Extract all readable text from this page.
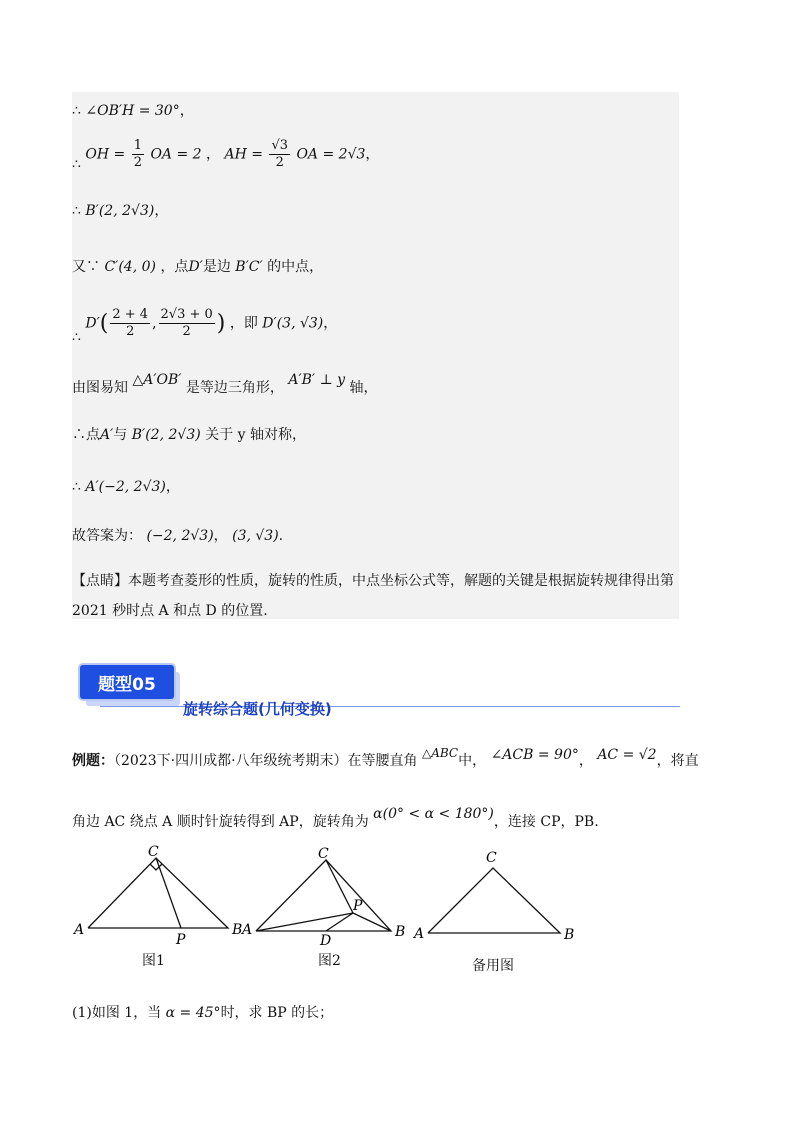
∴ ∠OB′H = 30°，
∴ OH = $\frac{1}{2}$ OA = 2 ， AH = $\frac{√3}{2}$ OA = 2√3，
∴ B′(2, 2√3)，
又∵ C′(4, 0) ，点D′是边 B′C′ 的中点，
∴ $D'( \frac{2 + 4}{2}$ , $\frac{2√3 + 0}{2}$ ) ，即 D′(3, √3)，
由图易知 △A′OB′ 是等边三角形， A′B′ ⊥ y 轴，
∴点A′与 B′(2, 2√3) 关于 y 轴对称，
∴ A′(−2, 2√3)，
故答案为： (−2, 2√3)， (3, √3).
【点睛】本题考查菱形的性质，旋转的性质，中点坐标公式等，解题的关键是根据旋转规律得出第
2021 秒时点 A 和点 D 的位置.
题型05
旋转综合题(几何变换)
例题：（2023下·四川成都·八年级统考期末）在等腰直角 △ABC中， ∠ACB = 90°， AC = √2，将直
角边 AC 绕点 A 顺时针旋转得到 AP，旋转角为 α(0° < α < 180°)，连接 CP，PB.
A	B
C
P
A	B
C
P
D	A	B
C
图1	图2	备用图
(1)如图 1，当 α = 45°时，求 BP 的长；
